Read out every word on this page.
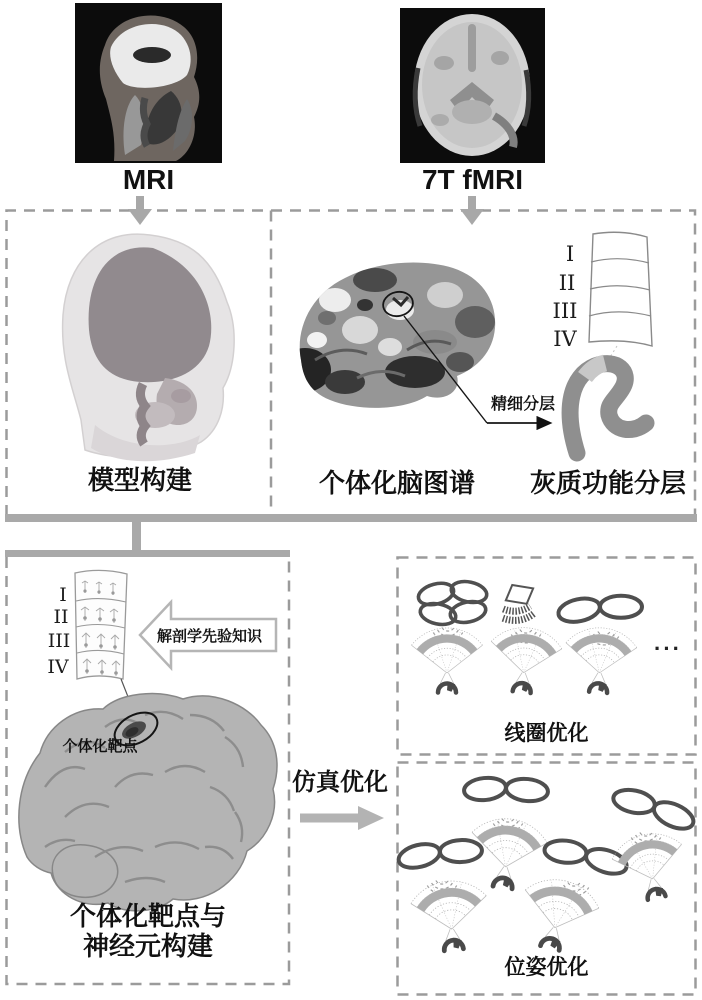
MRI	7T fMRI
模型构建	个体化脑图谱	灰质功能分层
精细分层
I
II
III
IV
I
II
III
IV
解剖学先验知识
个体化靶点
个体化靶点与
神经元构建
仿真优化
···
线圈优化
位姿优化
